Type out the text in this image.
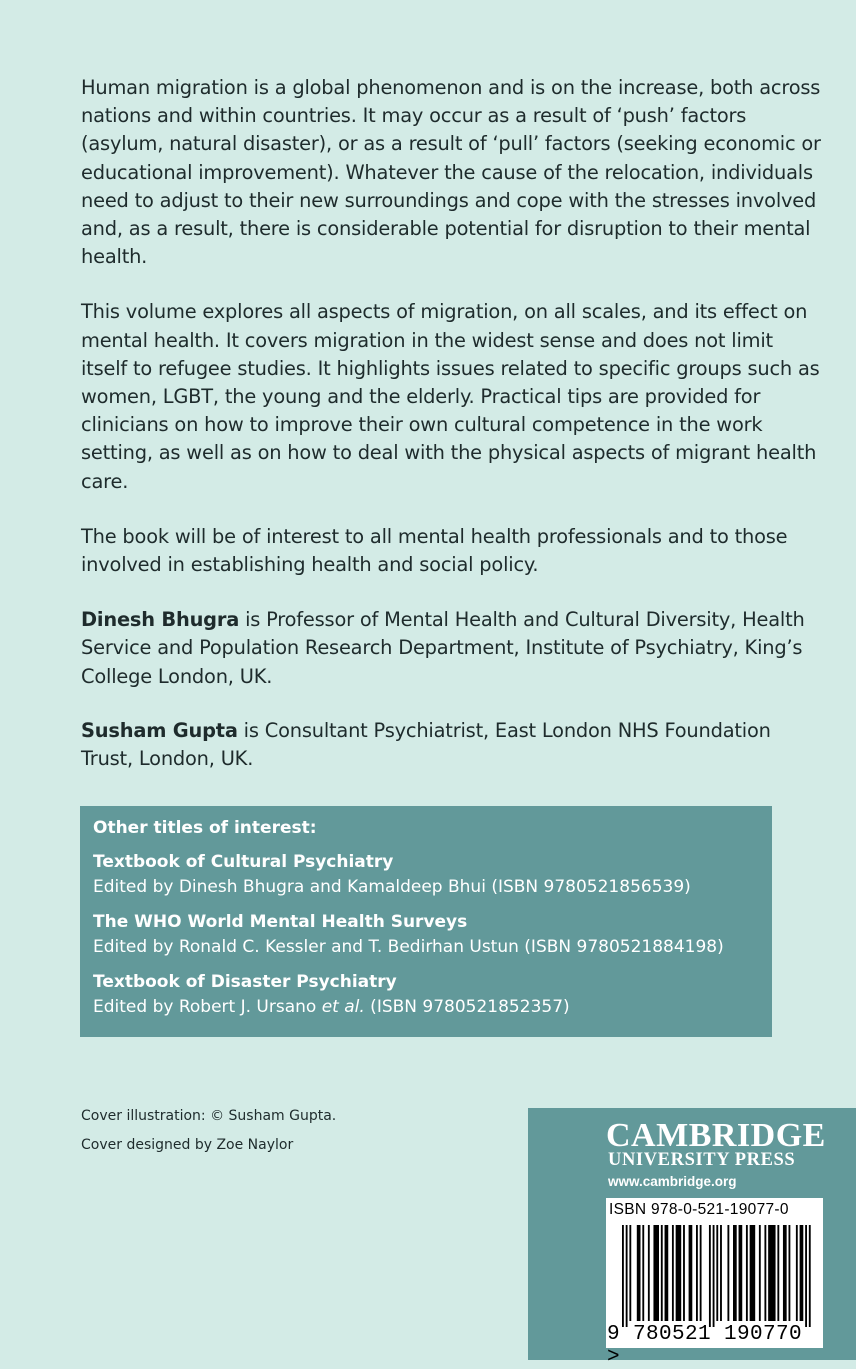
Human migration is a global phenomenon and is on the increase, both across nations and within countries. It may occur as a result of ‘push’ factors (asylum, natural disaster), or as a result of ‘pull’ factors (seeking economic or educational improvement). Whatever the cause of the relocation, individuals need to adjust to their new surroundings and cope with the stresses involved and, as a result, there is considerable potential for disruption to their mental health.

This volume explores all aspects of migration, on all scales, and its effect on mental health. It covers migration in the widest sense and does not limit itself to refugee studies. It highlights issues related to specific groups such as women, LGBT, the young and the elderly. Practical tips are provided for clinicians on how to improve their own cultural competence in the work setting, as well as on how to deal with the physical aspects of migrant health care.

The book will be of interest to all mental health professionals and to those involved in establishing health and social policy.

Dinesh Bhugra is Professor of Mental Health and Cultural Diversity, Health Service and Population Research Department, Institute of Psychiatry, King’s College London, UK.

Susham Gupta is Consultant Psychiatrist, East London NHS Foundation Trust, London, UK.

Other titles of interest:
Textbook of Cultural Psychiatry
Edited by Dinesh Bhugra and Kamaldeep Bhui (ISBN 9780521856539)
The WHO World Mental Health Surveys
Edited by Ronald C. Kessler and T. Bedirhan Ustun (ISBN 9780521884198)
Textbook of Disaster Psychiatry
Edited by Robert J. Ursano et al. (ISBN 9780521852357)
Cover illustration: © Susham Gupta.
Cover designed by Zoe Naylor	CAMBRIDGE
UNIVERSITY PRESS
www.cambridge.org
ISBN 978-0-521-19077-0
9 780521 190770 >
